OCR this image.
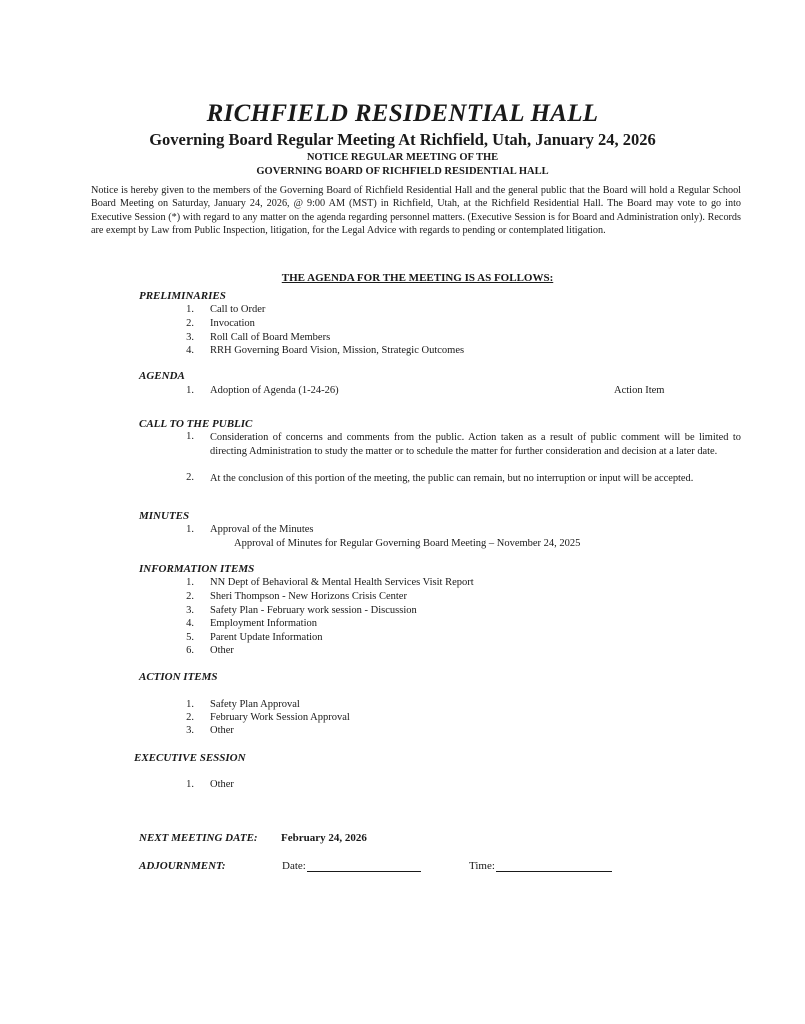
RICHFIELD RESIDENTIAL HALL
Governing Board Regular Meeting At Richfield, Utah, January 24, 2026
NOTICE REGULAR MEETING OF THE
GOVERNING BOARD OF RICHFIELD RESIDENTIAL HALL
Notice is hereby given to the members of the Governing Board of Richfield Residential Hall and the general public that the Board will hold a Regular School Board Meeting on Saturday, January 24, 2026, @ 9:00 AM (MST) in Richfield, Utah, at the Richfield Residential Hall. The Board may vote to go into Executive Session (*) with regard to any matter on the agenda regarding personnel matters. (Executive Session is for Board and Administration only). Records are exempt by Law from Public Inspection, litigation, for the Legal Advice with regards to pending or contemplated litigation.
THE AGENDA FOR THE MEETING IS AS FOLLOWS:
PRELIMINARIES
1. Call to Order
2. Invocation
3. Roll Call of Board Members
4. RRH Governing Board Vision, Mission, Strategic Outcomes
AGENDA
1. Adoption of Agenda (1-24-26)	Action Item
CALL TO THE PUBLIC
1. Consideration of concerns and comments from the public. Action taken as a result of public comment will be limited to directing Administration to study the matter or to schedule the matter for further consideration and decision at a later date.
2. At the conclusion of this portion of the meeting, the public can remain, but no interruption or input will be accepted.
MINUTES
1. Approval of the Minutes
Approval of Minutes for Regular Governing Board Meeting – November 24, 2025
INFORMATION ITEMS
1. NN Dept of Behavioral & Mental Health Services Visit Report
2. Sheri Thompson - New Horizons Crisis Center
3. Safety Plan - February work session - Discussion
4. Employment Information
5. Parent Update Information
6. Other
ACTION ITEMS
1. Safety Plan Approval
2. February Work Session Approval
3. Other
EXECUTIVE SESSION
1. Other
NEXT MEETING DATE: February 24, 2026
ADJOURNMENT:	Date:	Time:
